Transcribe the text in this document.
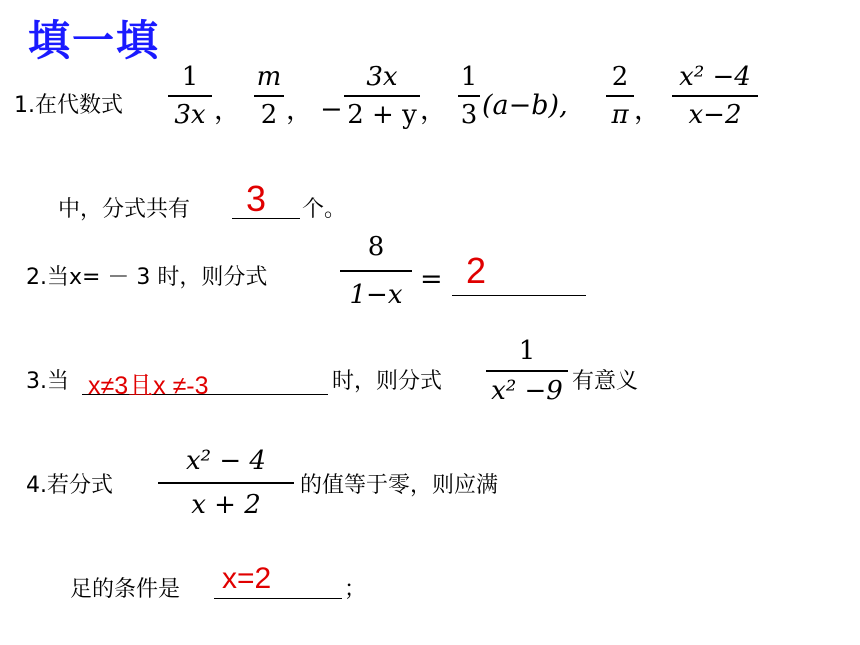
填一填
1.在代数式
1
3x ，
m
2 ， −
3x
2 + y ，
1
3 (a−b),
2
π ，
x² −4
x−2
中，分式共有 3 个。
2.当x= － 3 时，则分式
8
1−x = 2
3.当 x≠3且x ≠-3	时，则分式
1
x² −9 有意义
4.若分式
x² − 4
x + 2
的值等于零，则应满
足的条件是 x=2	；
